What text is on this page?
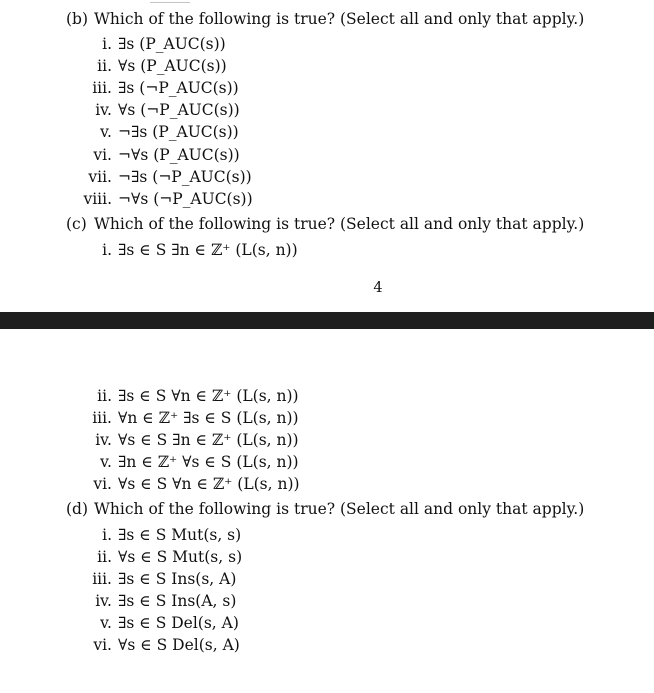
(b) Which of the following is true? (Select all and only that apply.)
i. ∃s (P_AUC(s))
ii. ∀s (P_AUC(s))
iii. ∃s (¬P_AUC(s))
iv. ∀s (¬P_AUC(s))
v. ¬∃s (P_AUC(s))
vi. ¬∀s (P_AUC(s))
vii. ¬∃s (¬P_AUC(s))
viii. ¬∀s (¬P_AUC(s))
(c) Which of the following is true? (Select all and only that apply.)
i. ∃s ∈ S ∃n ∈ ℤ⁺ (L(s, n))
4
ii. ∃s ∈ S ∀n ∈ ℤ⁺ (L(s, n))
iii. ∀n ∈ ℤ⁺ ∃s ∈ S (L(s, n))
iv. ∀s ∈ S ∃n ∈ ℤ⁺ (L(s, n))
v. ∃n ∈ ℤ⁺ ∀s ∈ S (L(s, n))
vi. ∀s ∈ S ∀n ∈ ℤ⁺ (L(s, n))
(d) Which of the following is true? (Select all and only that apply.)
i. ∃s ∈ S Mut(s, s)
ii. ∀s ∈ S Mut(s, s)
iii. ∃s ∈ S Ins(s, A)
iv. ∃s ∈ S Ins(A, s)
v. ∃s ∈ S Del(s, A)
vi. ∀s ∈ S Del(s, A)
